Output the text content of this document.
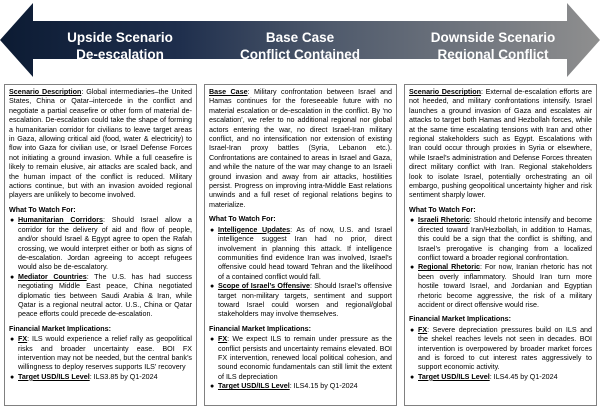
Upside Scenario
De-escalation
Base Case
Conflict Contained
Downside Scenario
Regional Conflict

Scenario Description: Global intermediaries–the United States, China or Qatar–intercede in the conflict and negotiate a partial ceasefire or other form of material de-escalation. De-escalation could take the shape of forming a humanitarian corridor for civilians to leave target areas in Gaza, allowing critical aid (food, water & electricity) to flow into Gaza for civilian use, or Israel Defense Forces not initiating a ground invasion. While a full ceasefire is likely to remain elusive, air attacks are scaled back, and the human impact of the conflict is reduced. Military actions continue, but with an invasion avoided regional players are unlikely to become involved.

What To Watch For:
● Humanitarian Corridors: Should Israel allow a corridor for the delivery of aid and flow of people, and/or should Israel & Egypt agree to open the Rafah crossing, we would interpret either or both as signs of de-escalation. Jordan agreeing to accept refugees would also be de-escalatory.
● Mediator Countries: The U.S. has had success negotiating Middle East peace, China negotiated diplomatic ties between Saudi Arabia & Iran, while Qatar is a regional neutral actor. U.S., China or Qatar peace efforts could precede de-escalation.
Financial Market Implications:
● FX: ILS would experience a relief rally as geopolitical risks and broader uncertainty ease. BOI FX intervention may not be needed, but the central bank’s willingness to deploy reserves supports ILS’ recovery
● Target USD/ILS Level: ILS3.85 by Q1-2024

Base Case: Military confrontation between Israel and Hamas continues for the foreseeable future with no material escalation or de-escalation in the conflict. By ‘no escalation’, we refer to no additional regional nor global actors entering the war, no direct Israel-Iran military conflict, and no intensification nor extension of existing Israel-Iran proxy battles (Syria, Lebanon etc.). Confrontations are contained to areas in Israel and Gaza, and while the nature of the war may change to an Israeli ground invasion and away from air attacks, hostilities persist. Progress on improving intra-Middle East relations unwinds and a full reset of regional relations begins to materialize.

What To Watch For:
● Intelligence Updates: As of now, U.S. and Israel intelligence suggest Iran had no prior, direct involvement in planning this attack. If intelligence communities find evidence Iran was involved, Israel’s offensive could head toward Tehran and the likelihood of a contained conflict would fall.
● Scope of Israel’s Offensive: Should Israel’s offensive target non-military targets, sentiment and support toward Israel could worsen and regional/global stakeholders may involve themselves.
Financial Market Implications:
● FX: We expect ILS to remain under pressure as the conflict persists and uncertainty remains elevated. BOI FX intervention, renewed local political cohesion, and sound economic fundamentals can still limit the extent of ILS depreciation
● Target USD/ILS Level: ILS4.15 by Q1-2024

Scenario Description: External de-escalation efforts are not heeded, and military confrontations intensify. Israel launches a ground invasion of Gaza and escalates air attacks to target both Hamas and Hezbollah forces, while at the same time escalating tensions with Iran and other regional stakeholders such as Egypt. Escalations with Iran could occur through proxies in Syria or elsewhere, while Israel’s administration and Defense Forces threaten direct military conflict with Iran. Regional stakeholders look to isolate Israel, potentially orchestrating an oil embargo, pushing geopolitical uncertainty higher and risk sentiment sharply lower.

What To Watch For:
● Israeli Rhetoric: Should rhetoric intensify and become directed toward Iran/Hezbollah, in addition to Hamas, this could be a sign that the conflict is shifting, and Israel’s prerogative is changing from a localized conflict toward a broader regional confrontation.
● Regional Rhetoric: For now, Iranian rhetoric has not been overly inflammatory. Should Iran turn more hostile toward Israel, and Jordanian and Egyptian rhetoric become aggressive, the risk of a military accident or direct offensive would rise.
Financial Market Implications:
● FX: Severe depreciation pressures build on ILS and the shekel reaches levels not seen in decades. BOI intervention is overpowered by broader market forces and is forced to cut interest rates aggressively to support economic activity.
● Target USD/ILS Level: ILS4.45 by Q1-2024
